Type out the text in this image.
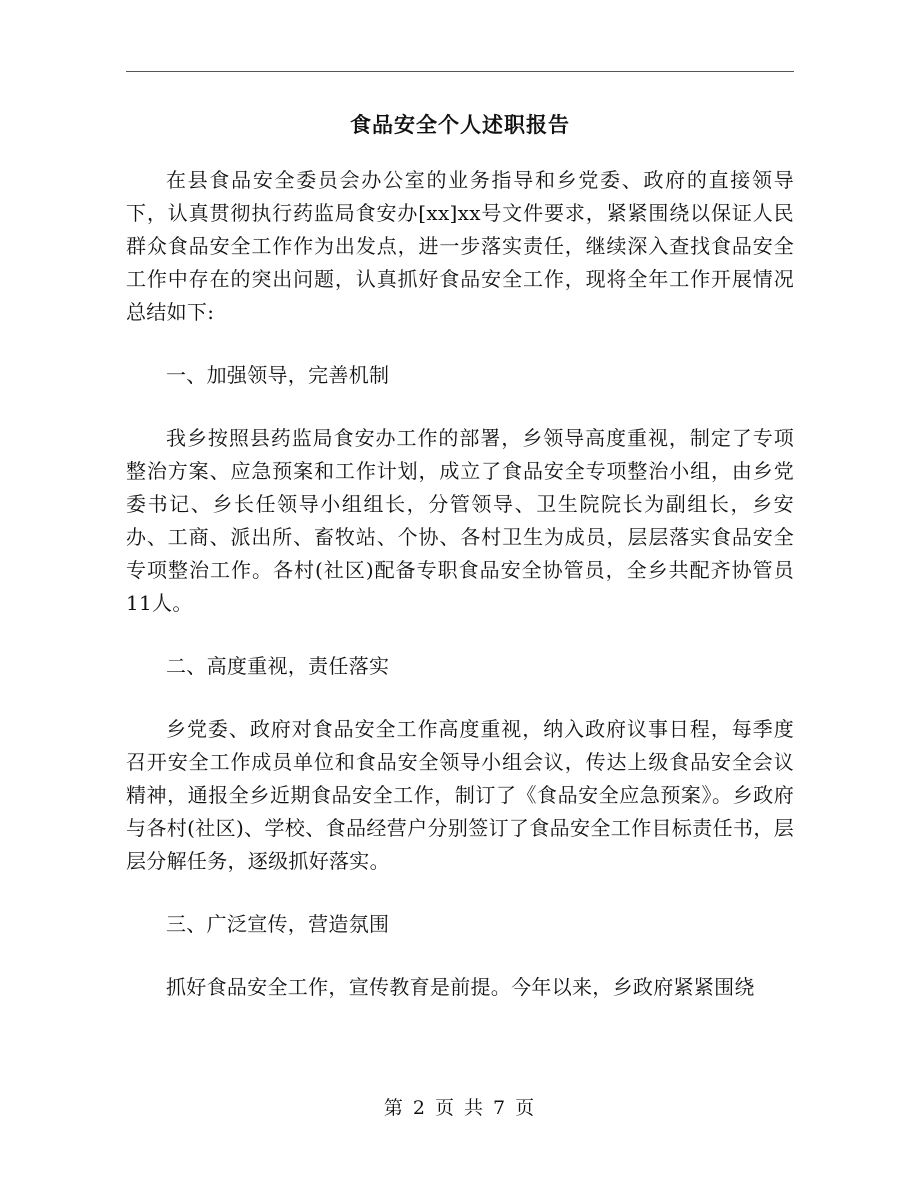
食品安全个人述职报告

在县食品安全委员会办公室的业务指导和乡党委、政府的直接领导下，认真贯彻执行药监局食安办[xx]xx号文件要求，紧紧围绕以保证人民群众食品安全工作作为出发点，进一步落实责任，继续深入查找食品安全工作中存在的突出问题，认真抓好食品安全工作，现将全年工作开展情况总结如下:

一、加强领导，完善机制

我乡按照县药监局食安办工作的部署，乡领导高度重视，制定了专项整治方案、应急预案和工作计划，成立了食品安全专项整治小组，由乡党委书记、乡长任领导小组组长，分管领导、卫生院院长为副组长，乡安办、工商、派出所、畜牧站、个协、各村卫生为成员，层层落实食品安全专项整治工作。各村(社区)配备专职食品安全协管员，全乡共配齐协管员11人。

二、高度重视，责任落实

乡党委、政府对食品安全工作高度重视，纳入政府议事日程，每季度召开安全工作成员单位和食品安全领导小组会议，传达上级食品安全会议精神，通报全乡近期食品安全工作，制订了《食品安全应急预案》。乡政府与各村(社区)、学校、食品经营户分别签订了食品安全工作目标责任书，层层分解任务，逐级抓好落实。

三、广泛宣传，营造氛围

抓好食品安全工作，宣传教育是前提。今年以来，乡政府紧紧围绕

第 2 页 共 7 页
